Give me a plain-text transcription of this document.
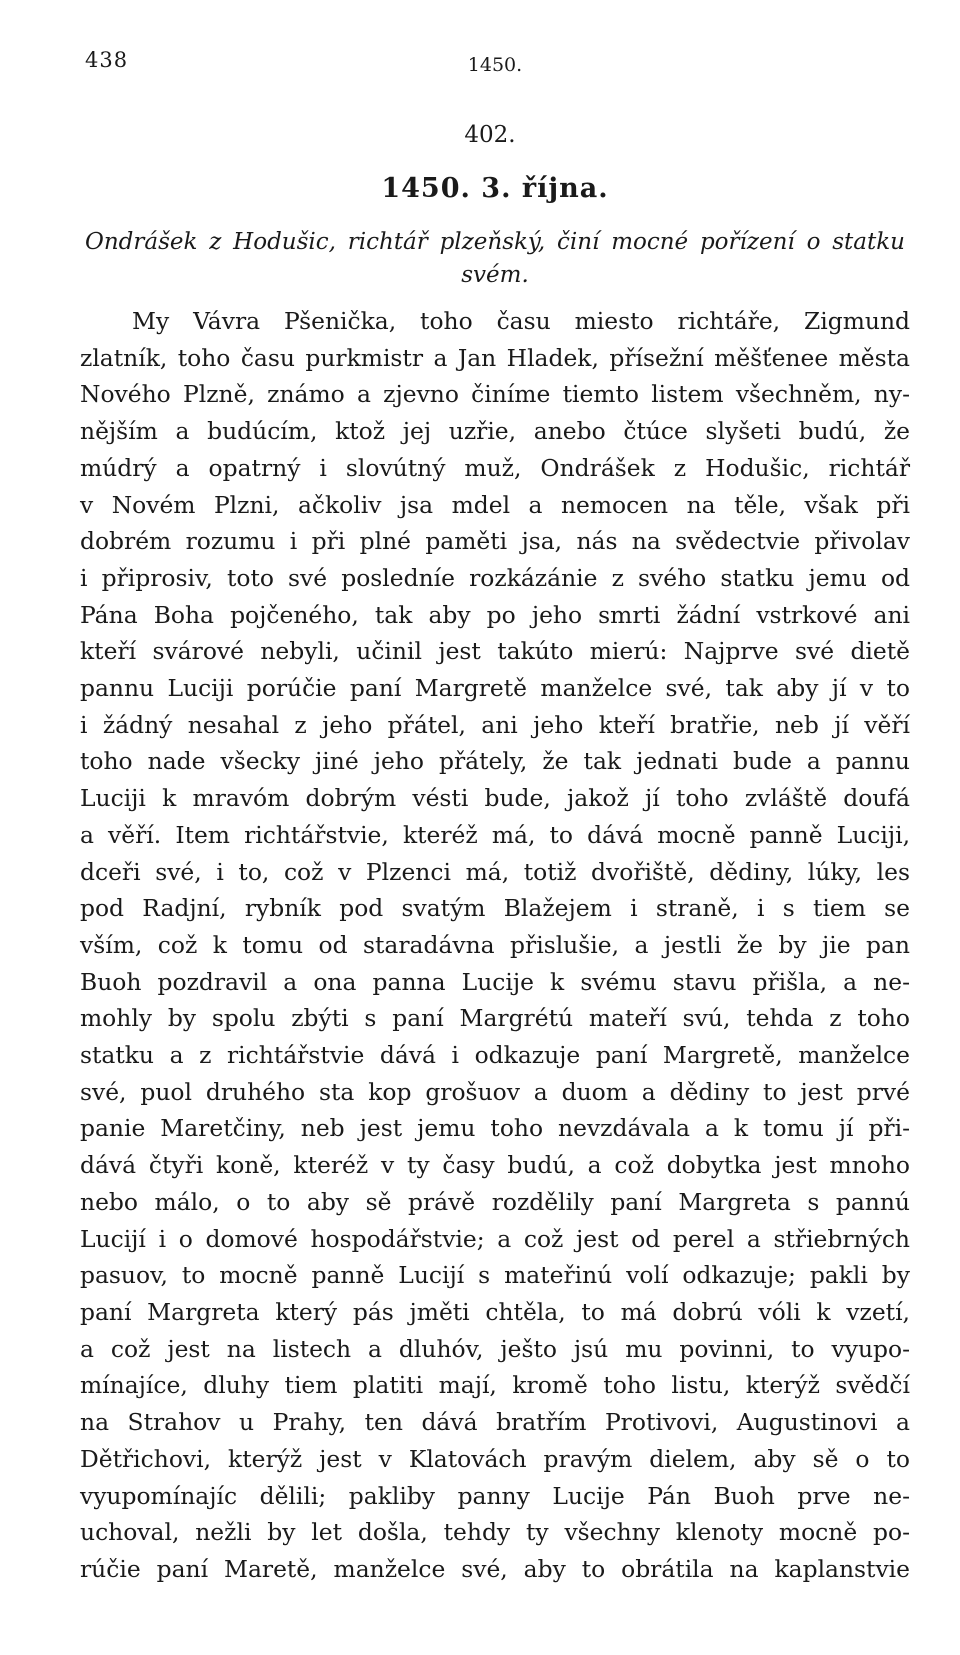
438	1450.
402.
1450. 3. října.
Ondrášek z Hodušic, richtář plzeňský, činí mocné pořízení o statku
svém.
My Vávra Pšenička, toho času miesto richtáře, Zigmund
zlatník, toho času purkmistr a Jan Hladek, přísežní měšťenee města
Nového Plzně, známo a zjevno činíme tiemto listem všechněm, ny-
nějším a budúcím, ktož jej uzřie, anebo čtúce slyšeti budú, že
múdrý a opatrný i slovútný muž, Ondrášek z Hodušic, richtář
v Novém Plzni, ačkoliv jsa mdel a nemocen na těle, však při
dobrém rozumu i při plné paměti jsa, nás na svědectvie přivolav
i připrosiv, toto své posledníe rozkázánie z svého statku jemu od
Pána Boha pojčeného, tak aby po jeho smrti žádní vstrkové ani
kteří svárové nebyli, učinil jest takúto mierú: Najprve své dietě
pannu Luciji porúčie paní Margretě manželce své, tak aby jí v to
i žádný nesahal z jeho přátel, ani jeho kteří bratřie, neb jí věří
toho nade všecky jiné jeho přátely, že tak jednati bude a pannu
Luciji k mravóm dobrým vésti bude, jakož jí toho zvláště doufá
a věří. Item richtářstvie, kteréž má, to dává mocně panně Luciji,
dceři své, i to, což v Plzenci má, totiž dvořiště, dědiny, lúky, les
pod Radjní, rybník pod svatým Blažejem i straně, i s tiem se
vším, což k tomu od staradávna přislušie, a jestli že by jie pan
Buoh pozdravil a ona panna Lucije k svému stavu přišla, a ne-
mohly by spolu zbýti s paní Margrétú mateří svú, tehda z toho
statku a z richtářstvie dává i odkazuje paní Margretě, manželce
své, puol druhého sta kop grošuov a duom a dědiny to jest prvé
panie Maretčiny, neb jest jemu toho nevzdávala a k tomu jí při-
dává čtyři koně, kteréž v ty časy budú, a což dobytka jest mnoho
nebo málo, o to aby sě právě rozdělily paní Margreta s pannú
Lucijí i o domové hospodářstvie; a což jest od perel a střiebrných
pasuov, to mocně panně Lucijí s mateřinú volí odkazuje; pakli by
paní Margreta který pás jměti chtěla, to má dobrú vóli k vzetí,
a což jest na listech a dluhóv, ješto jsú mu povinni, to vyupo-
mínajíce, dluhy tiem platiti mají, kromě toho listu, kterýž svědčí
na Strahov u Prahy, ten dává bratřím Protivovi, Augustinovi a
Dětřichovi, kterýž jest v Klatovách pravým dielem, aby sě o to
vyupomínajíc dělili; pakliby panny Lucije Pán Buoh prve ne-
uchoval, nežli by let došla, tehdy ty všechny klenoty mocně po-
rúčie paní Maretě, manželce své, aby to obrátila na kaplanstvie
